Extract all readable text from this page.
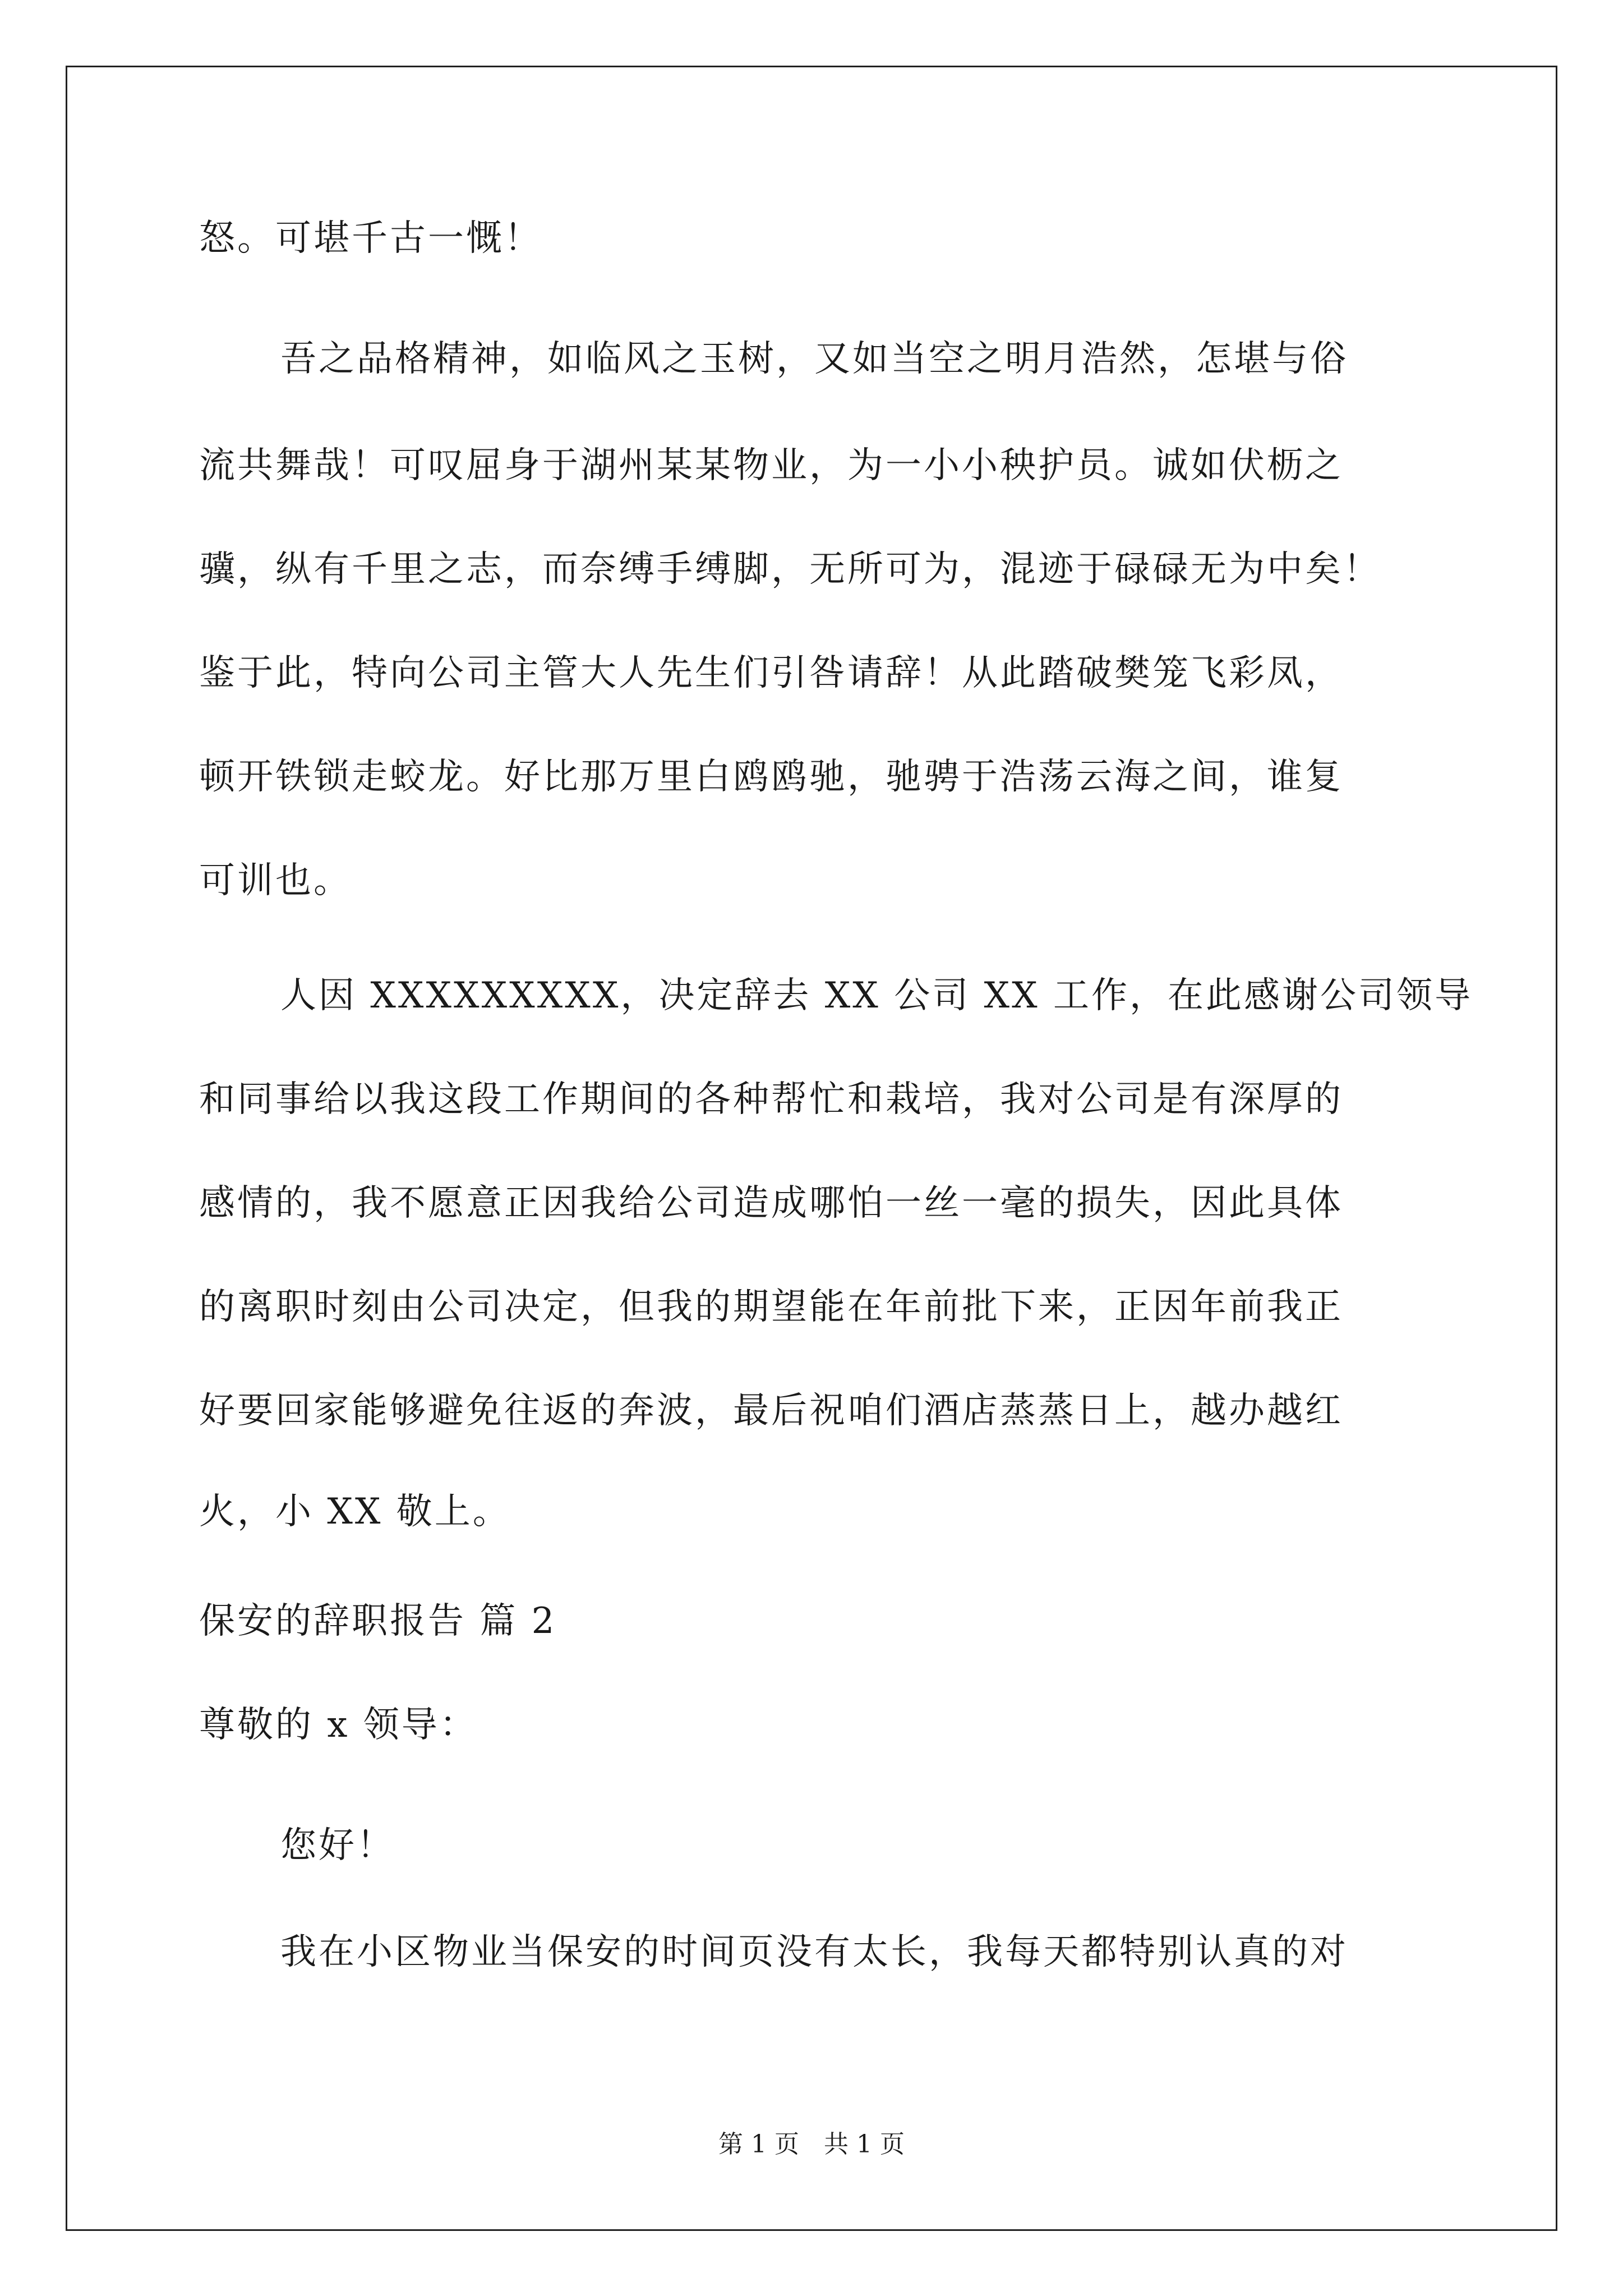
怒。可堪千古一慨！
吾之品格精神，如临风之玉树，又如当空之明月浩然，怎堪与俗
流共舞哉！可叹屈身于湖州某某物业，为一小小秧护员。诚如伏枥之
骥，纵有千里之志，而奈缚手缚脚，无所可为，混迹于碌碌无为中矣！
鉴于此，特向公司主管大人先生们引咎请辞！从此踏破樊笼飞彩凤，
顿开铁锁走蛟龙。好比那万里白鸥鸥驰，驰骋于浩荡云海之间，谁复
可训也。
人因 XXXXXXXXX，决定辞去 XX 公司 XX 工作，在此感谢公司领导
和同事给以我这段工作期间的各种帮忙和栽培，我对公司是有深厚的
感情的，我不愿意正因我给公司造成哪怕一丝一毫的损失，因此具体
的离职时刻由公司决定，但我的期望能在年前批下来，正因年前我正
好要回家能够避免往返的奔波，最后祝咱们酒店蒸蒸日上，越办越红
火，小 XX 敬上。
保安的辞职报告 篇 2
尊敬的 x 领导：
您好！
我在小区物业当保安的时间页没有太长，我每天都特别认真的对
第 1 页　共 1 页
